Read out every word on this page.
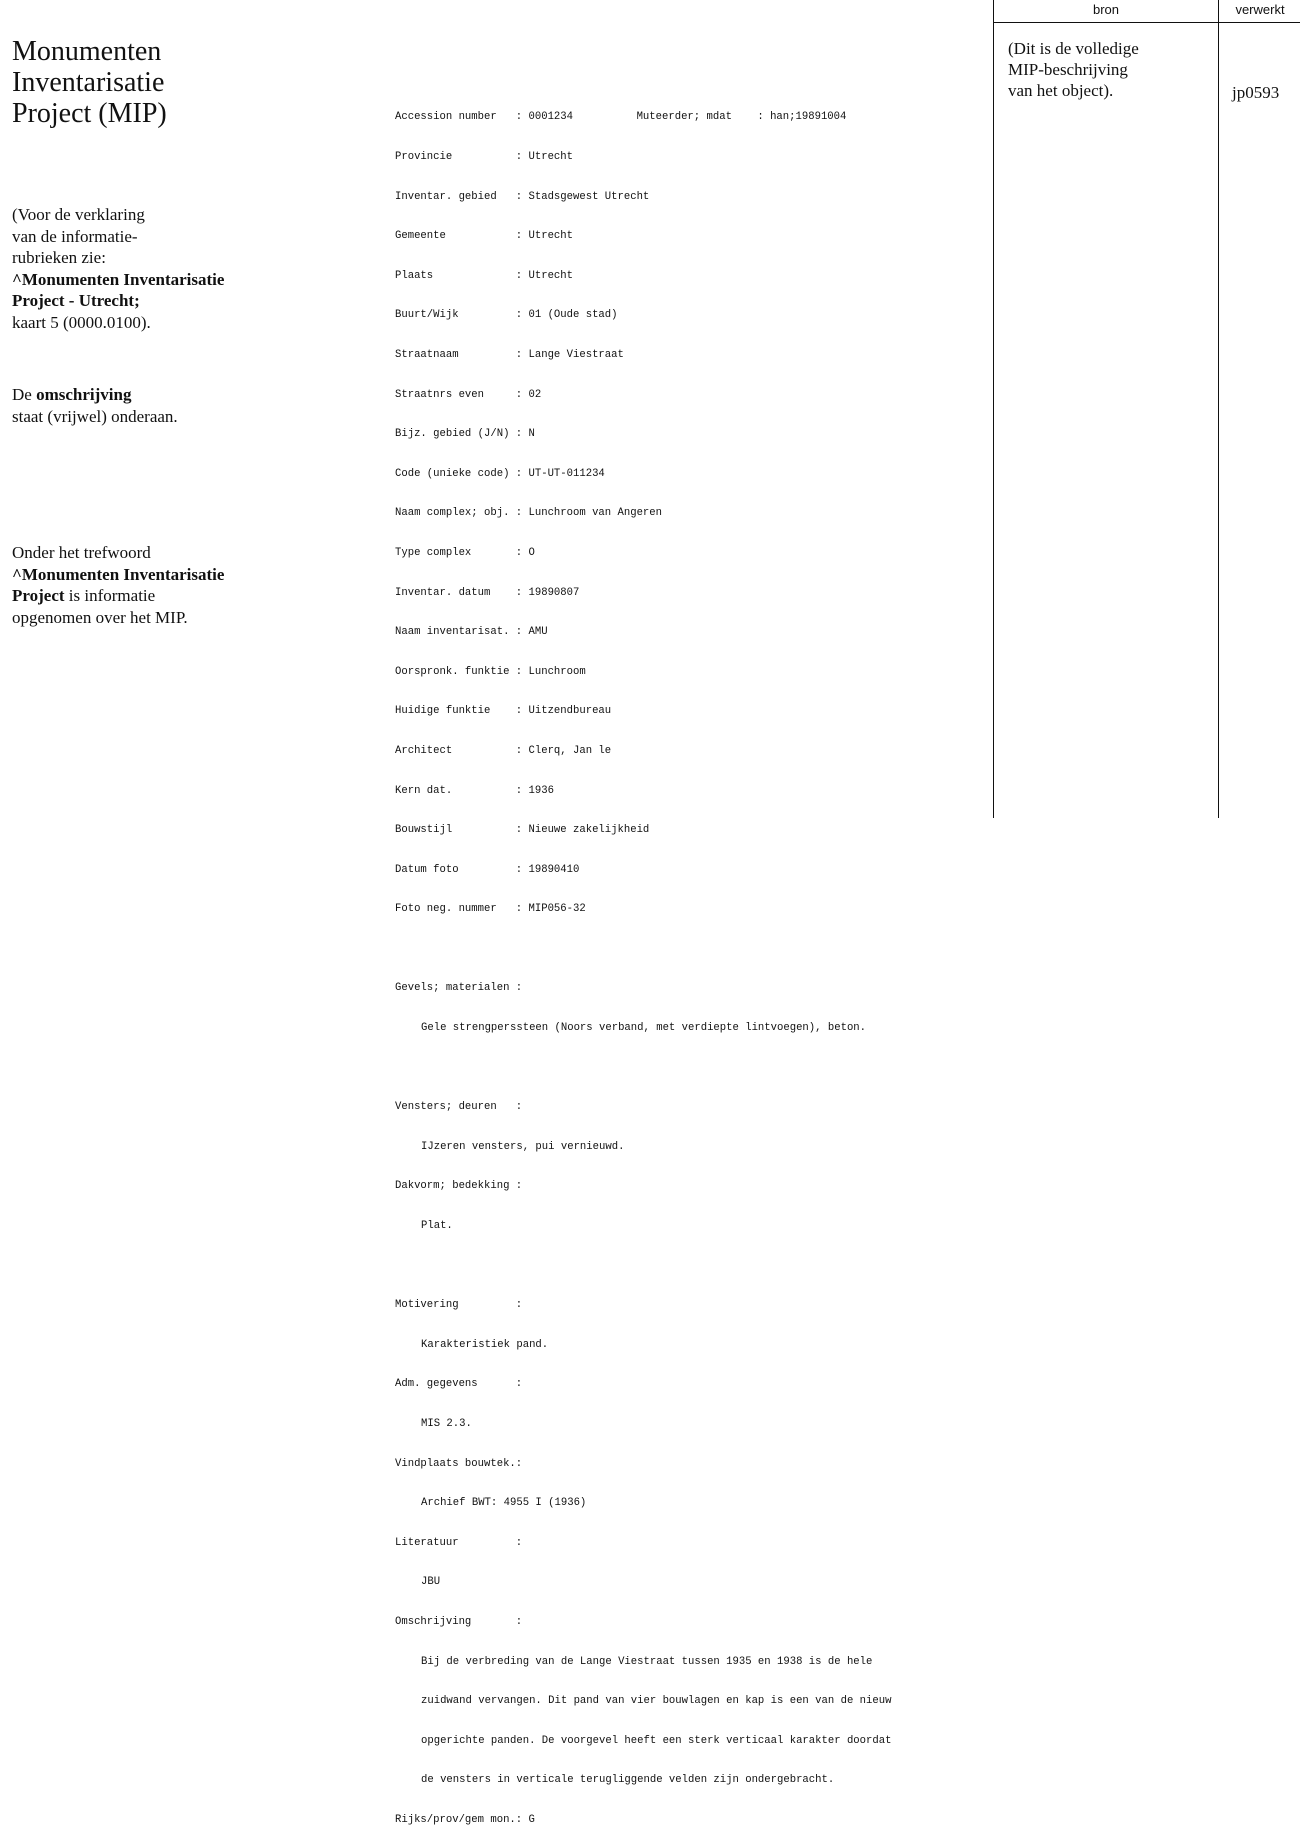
Monumenten
Inventarisatie
Project (MIP)
(Voor de verklaring
van de informatie-
rubrieken zie:
^Monumenten Inventarisatie
Project - Utrecht;
kaart 5 (0000.0100).
De omschrijving
staat (vrijwel) onderaan.
Onder het trefwoord
^Monumenten Inventarisatie
Project is informatie
opgenomen over het MIP.

Accession number   : 0001234          Muteerder; mdat    : han;19891004

Provincie          : Utrecht

Inventar. gebied   : Stadsgewest Utrecht

Gemeente           : Utrecht

Plaats             : Utrecht

Buurt/Wijk         : 01 (Oude stad)

Straatnaam         : Lange Viestraat

Straatnrs even     : 02

Bijz. gebied (J/N) : N

Code (unieke code) : UT-UT-011234

Naam complex; obj. : Lunchroom van Angeren

Type complex       : O

Inventar. datum    : 19890807

Naam inventarisat. : AMU

Oorspronk. funktie : Lunchroom

Huidige funktie    : Uitzendbureau

Architect          : Clerq, Jan le

Kern dat.          : 1936

Bouwstijl          : Nieuwe zakelijkheid

Datum foto         : 19890410

Foto neg. nummer   : MIP056-32

Gevels; materialen :

Gele strengperssteen (Noors verband, met verdiepte lintvoegen), beton.

Vensters; deuren   :

IJzeren vensters, pui vernieuwd.

Dakvorm; bedekking :

Plat.

Motivering         :

Karakteristiek pand.

Adm. gegevens      :

MIS 2.3.

Vindplaats bouwtek.:

Archief BWT: 4955 I (1936)

Literatuur         :

JBU

Omschrijving       :

Bij de verbreding van de Lange Viestraat tussen 1935 en 1938 is de hele

zuidwand vervangen. Dit pand van vier bouwlagen en kap is een van de nieuw

opgerichte panden. De voorgevel heeft een sterk verticaal karakter doordat

de vensters in verticale terugliggende velden zijn ondergebracht.

Rijks/prov/gem mon.: G

bron	verwerkt
(Dit is de volledige
MIP-beschrijving
van het object).	jp0593
